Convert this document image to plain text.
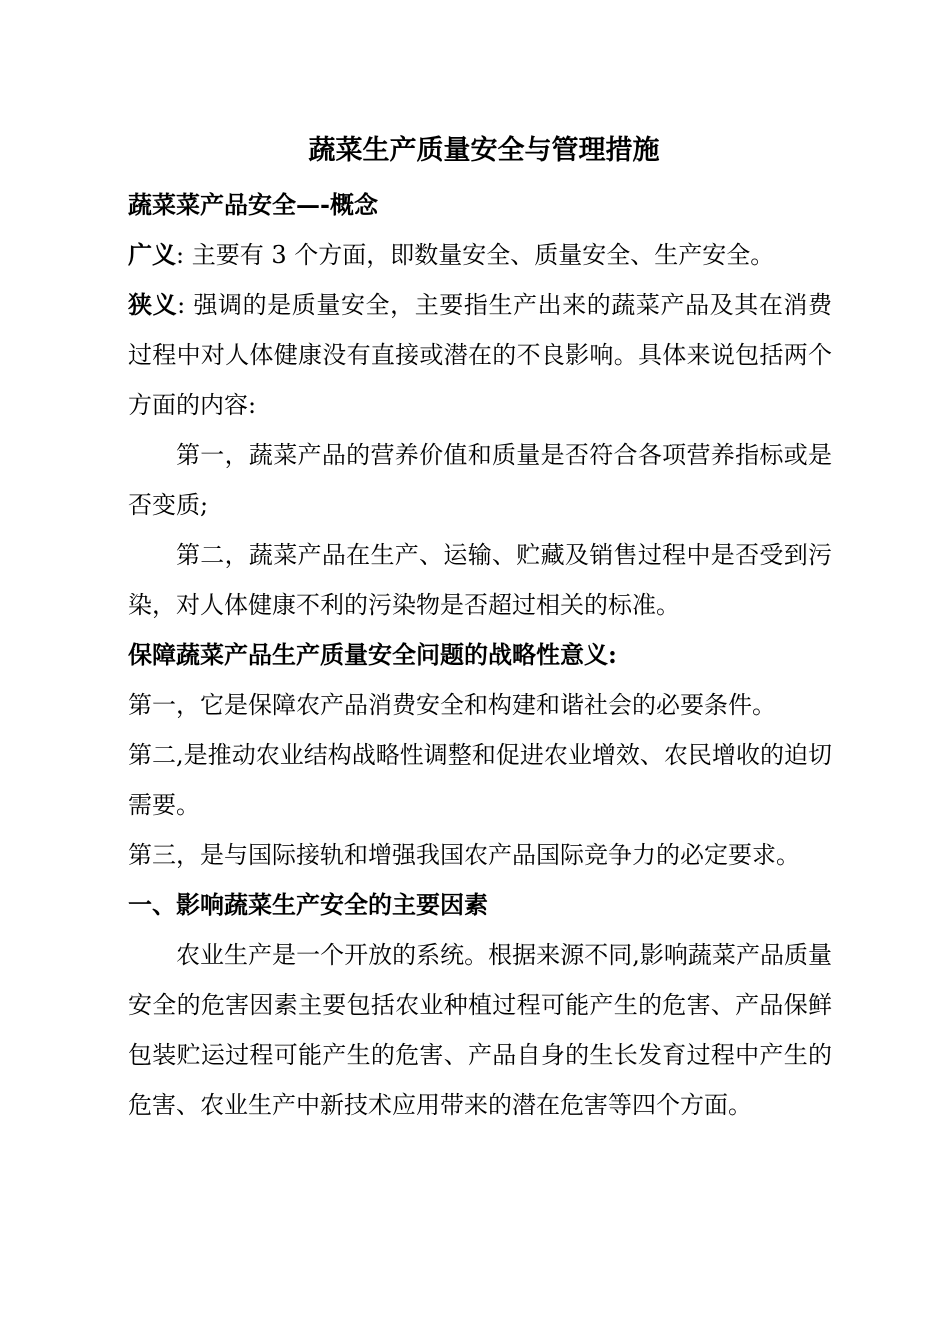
蔬菜生产质量安全与管理措施
蔬菜菜产品安全—-概念

广义: 主要有 3 个方面，即数量安全、质量安全、生产安全。

狭义: 强调的是质量安全，主要指生产出来的蔬菜产品及其在消费过程中对人体健康没有直接或潜在的不良影响。具体来说包括两个方面的内容:

第一，蔬菜产品的营养价值和质量是否符合各项营养指标或是否变质;

第二，蔬菜产品在生产、运输、贮藏及销售过程中是否受到污染，对人体健康不利的污染物是否超过相关的标准。

保障蔬菜产品生产质量安全问题的战略性意义:

第一，它是保障农产品消费安全和构建和谐社会的必要条件。

第二,是推动农业结构战略性调整和促进农业增效、农民增收的迫切需要。

第三，是与国际接轨和增强我国农产品国际竞争力的必定要求。

一、影响蔬菜生产安全的主要因素

农业生产是一个开放的系统。根据来源不同,影响蔬菜产品质量安全的危害因素主要包括农业种植过程可能产生的危害、产品保鲜包装贮运过程可能产生的危害、产品自身的生长发育过程中产生的危害、农业生产中新技术应用带来的潜在危害等四个方面。
